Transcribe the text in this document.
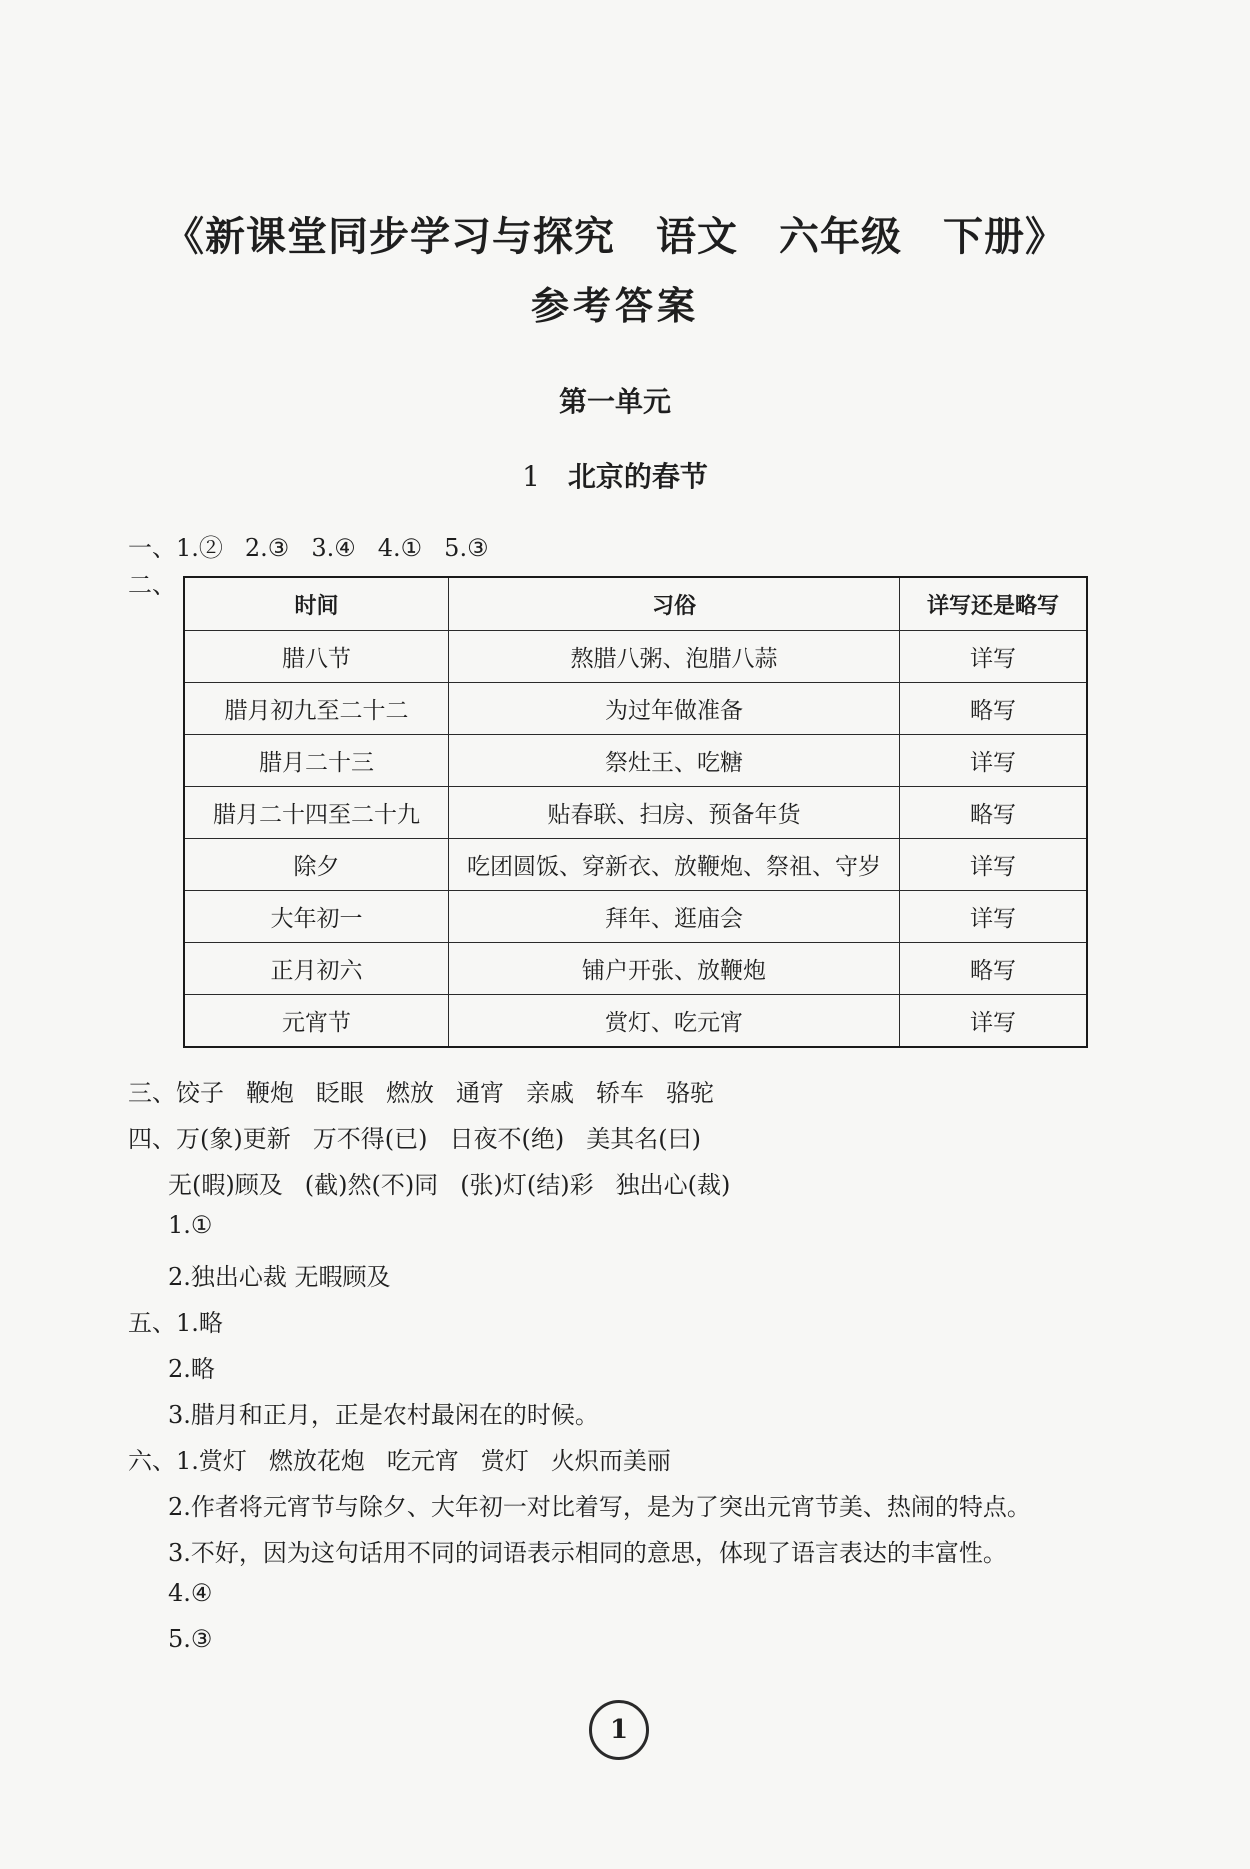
《新课堂同步学习与探究　语文　六年级　下册》
参考答案
第一单元
1 北京的春节
一、1.② 2.③ 3.④ 4.① 5.③
二、
时间	习俗	详写还是略写
腊八节	熬腊八粥、泡腊八蒜	详写
腊月初九至二十二	为过年做准备	略写
腊月二十三	祭灶王、吃糖	详写
腊月二十四至二十九	贴春联、扫房、预备年货	略写
除夕	吃团圆饭、穿新衣、放鞭炮、祭祖、守岁	详写
大年初一	拜年、逛庙会	详写
正月初六	铺户开张、放鞭炮	略写
元宵节	赏灯、吃元宵	详写
三、饺子 鞭炮 眨眼 燃放 通宵 亲戚 轿车 骆驼
四、万(象)更新 万不得(已) 日夜不(绝) 美其名(曰)
无(暇)顾及 (截)然(不)同 (张)灯(结)彩 独出心(裁)
1.①
2.独出心裁 无暇顾及
五、1.略
2.略
3.腊月和正月，正是农村最闲在的时候。
六、1.赏灯 燃放花炮 吃元宵 赏灯 火炽而美丽
2.作者将元宵节与除夕、大年初一对比着写，是为了突出元宵节美、热闹的特点。
3.不好，因为这句话用不同的词语表示相同的意思，体现了语言表达的丰富性。
4.④
5.③
1
